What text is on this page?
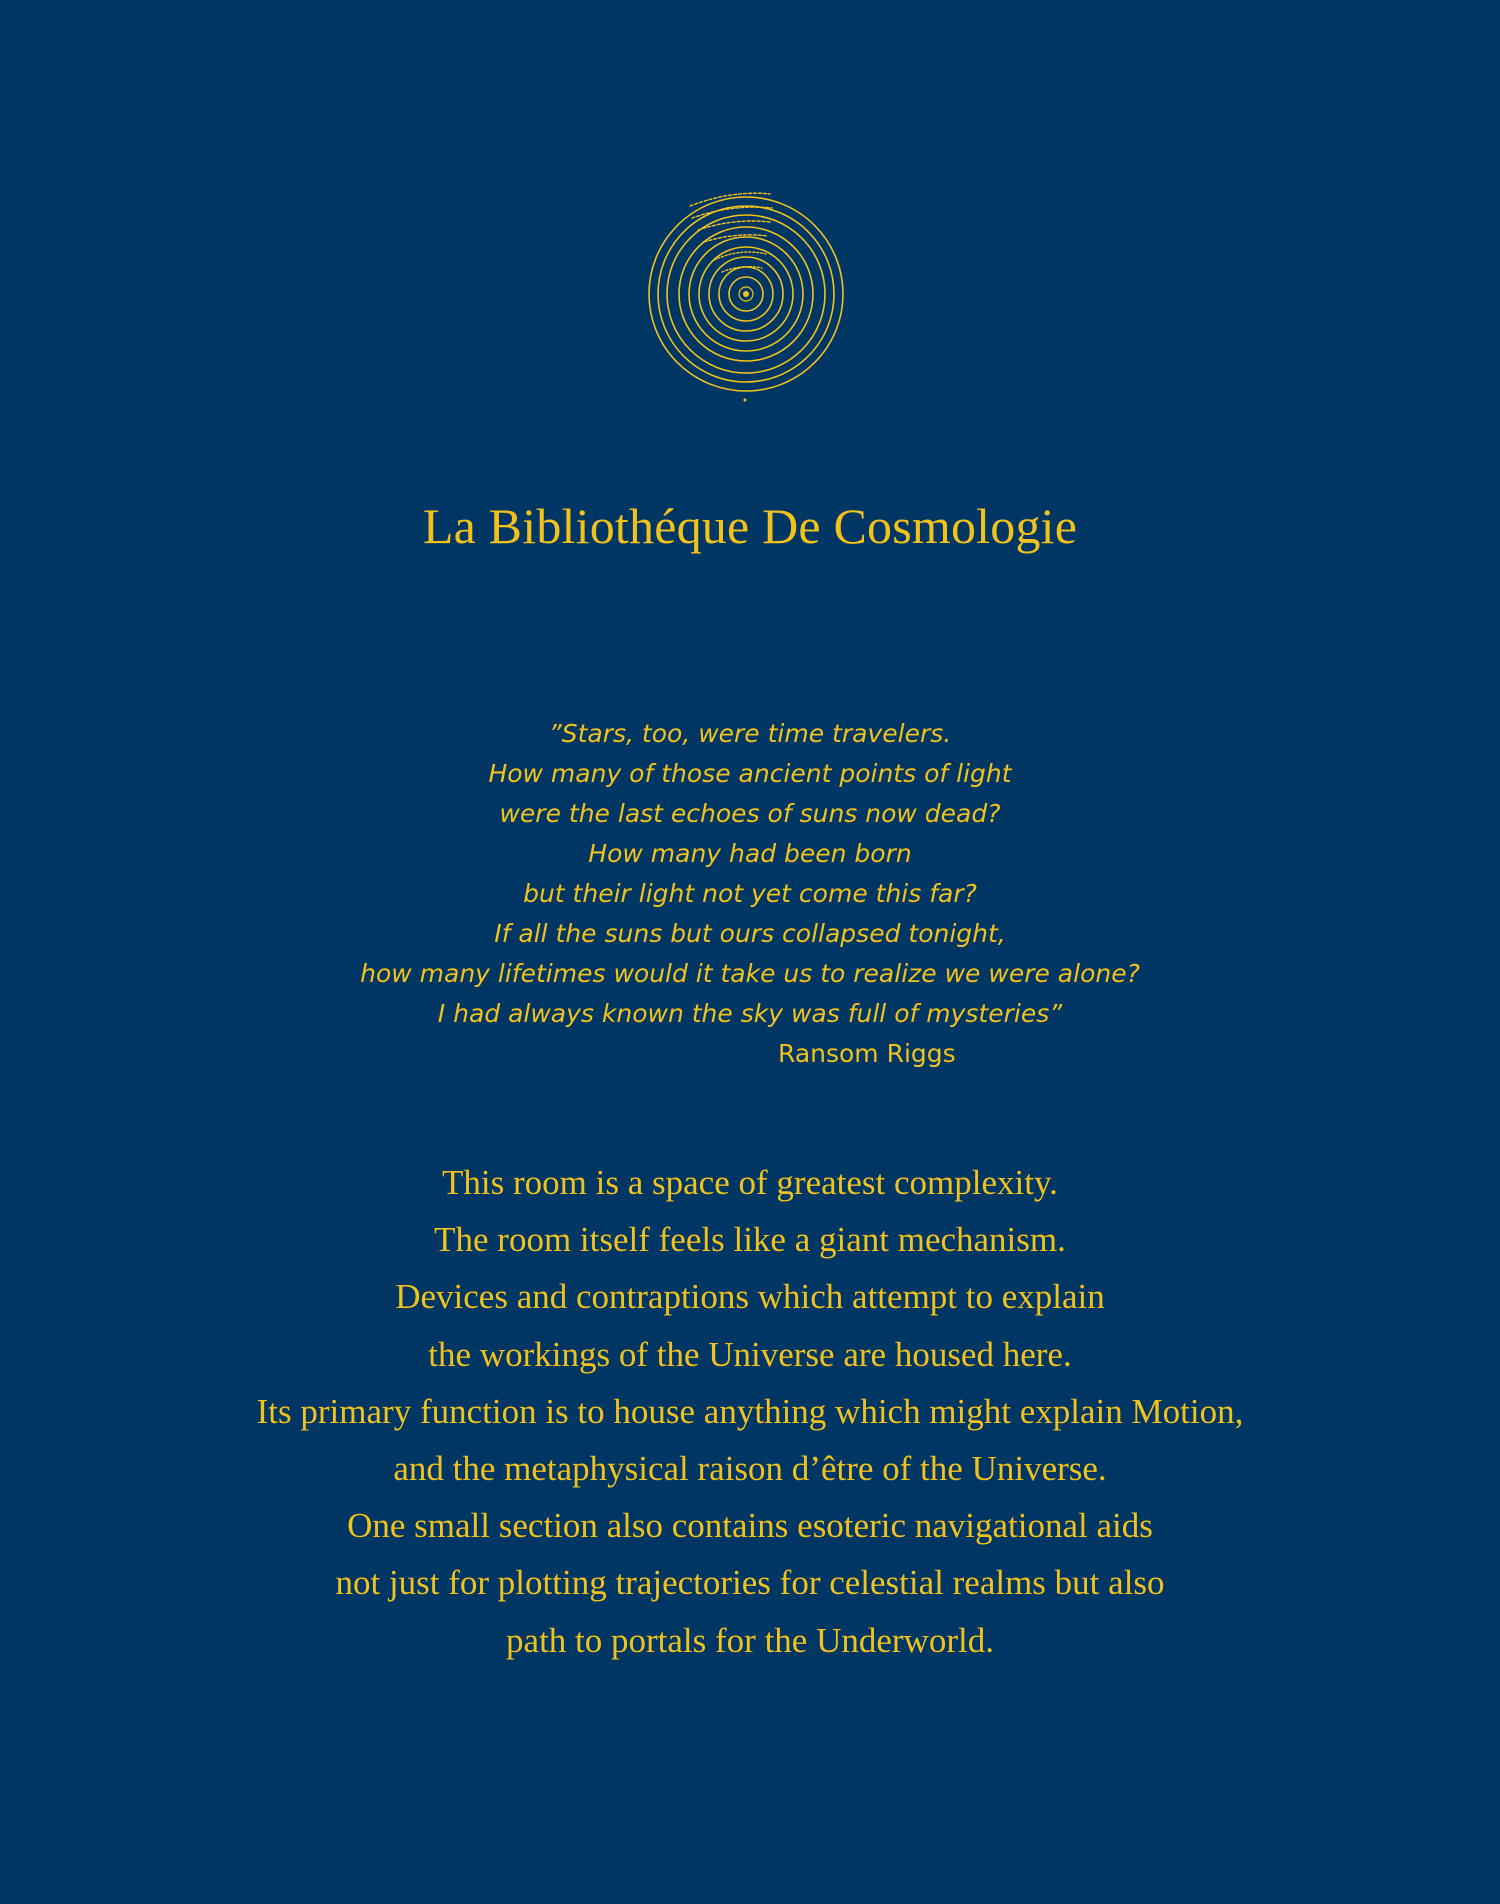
La Bibliothéque De Cosmologie
”Stars, too, were time travelers.
How many of those ancient points of light
were the last echoes of suns now dead?
How many had been born
but their light not yet come this far?
If all the suns but ours collapsed tonight,
how many lifetimes would it take us to realize we were alone?
I had always known the sky was full of mysteries”
Ransom Riggs
This room is a space of greatest complexity.
The room itself feels like a giant mechanism.
Devices and contraptions which attempt to explain
the workings of the Universe are housed here.
Its primary function is to house anything which might explain Motion,
and the metaphysical raison d’être of the Universe.
One small section also contains esoteric navigational aids
not just for plotting trajectories for celestial realms but also
path to portals for the Underworld.
